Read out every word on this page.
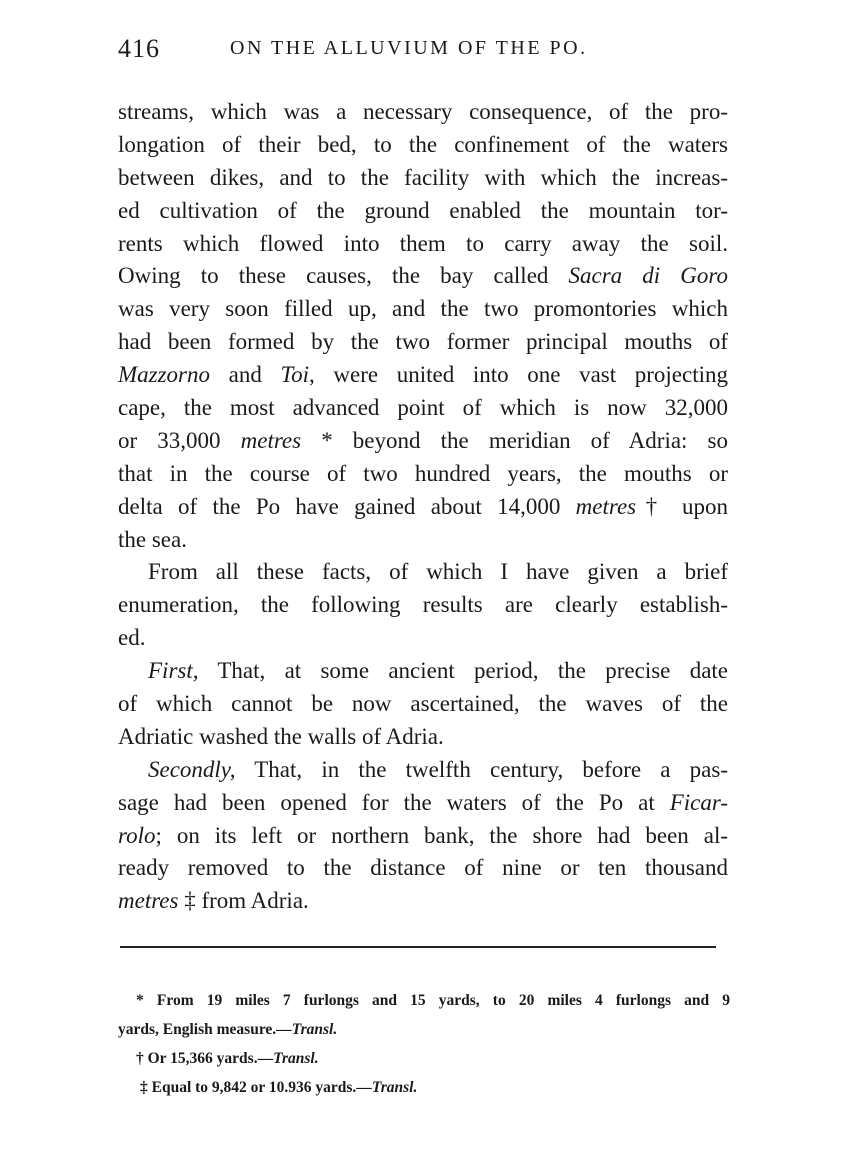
416	ON THE ALLUVIUM OF THE PO.
streams, which was a necessary consequence, of the pro-
longation of their bed, to the confinement of the waters
between dikes, and to the facility with which the increas-
ed cultivation of the ground enabled the mountain tor-
rents which flowed into them to carry away the soil.
Owing to these causes, the bay called Sacra di Goro
was very soon filled up, and the two promontories which
had been formed by the two former principal mouths of
Mazzorno and Toi, were united into one vast projecting
cape, the most advanced point of which is now 32,000
or 33,000 metres * beyond the meridian of Adria: so
that in the course of two hundred years, the mouths or
delta of the Po have gained about 14,000 metres† upon
the sea.
From all these facts, of which I have given a brief
enumeration, the following results are clearly establish-
ed.
First, That, at some ancient period, the precise date
of which cannot be now ascertained, the waves of the
Adriatic washed the walls of Adria.
Secondly, That, in the twelfth century, before a pas-
sage had been opened for the waters of the Po at Ficar-
rolo; on its left or northern bank, the shore had been al-
ready removed to the distance of nine or ten thousand
metres ‡ from Adria.
* From 19 miles 7 furlongs and 15 yards, to 20 miles 4 furlongs and 9
yards, English measure.—Transl.
† Or 15,366 yards.—Transl.
‡ Equal to 9,842 or 10.936 yards.—Transl.
